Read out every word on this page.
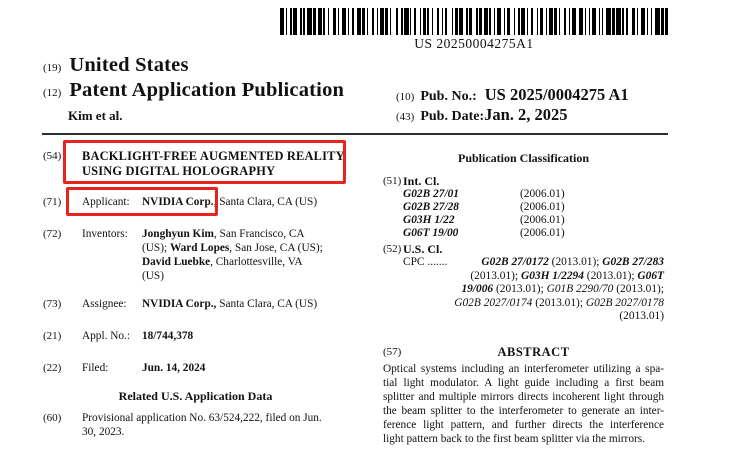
US 20250004275A1
(19) United States
(12) Patent Application Publication
Kim et al.
(10) Pub. No.: US 2025/0004275 A1
(43) Pub. Date: Jan. 2, 2025
(54)	BACKLIGHT-FREE AUGMENTED REALITY
USING DIGITAL HOLOGRAPHY
(71)	Applicant:	NVIDIA Corp., Santa Clara, CA (US)
(72)	Inventors:	Jonghyun Kim, San Francisco, CA
(US); Ward Lopes, San Jose, CA (US);
David Luebke, Charlottesville, VA
(US)
(73)	Assignee:	NVIDIA Corp., Santa Clara, CA (US)
(21)	Appl. No.:	18/744,378
(22)	Filed:	Jun. 14, 2024
Related U.S. Application Data
(60)	Provisional application No. 63/524,222, filed on Jun.
30, 2023.
Publication Classification
(51) Int. Cl.
G02B 27/01	(2006.01)
G02B 27/28	(2006.01)
G03H 1/22	(2006.01)
G06T 19/00	(2006.01)
(52) U.S. Cl.
CPC .......	G02B 27/0172 (2013.01); G02B 27/283
(2013.01); G03H 1/2294 (2013.01); G06T
19/006 (2013.01); G01B 2290/70 (2013.01);
G02B 2027/0174 (2013.01); G02B 2027/0178
(2013.01)
(57)	ABSTRACT
Optical systems including an interferometer utilizing a spa-
tial light modulator. A light guide including a first beam
splitter and multiple mirrors directs incoherent light through
the beam splitter to the interferometer to generate an inter-
ference light pattern, and further directs the interference
light pattern back to the first beam splitter via the mirrors.
